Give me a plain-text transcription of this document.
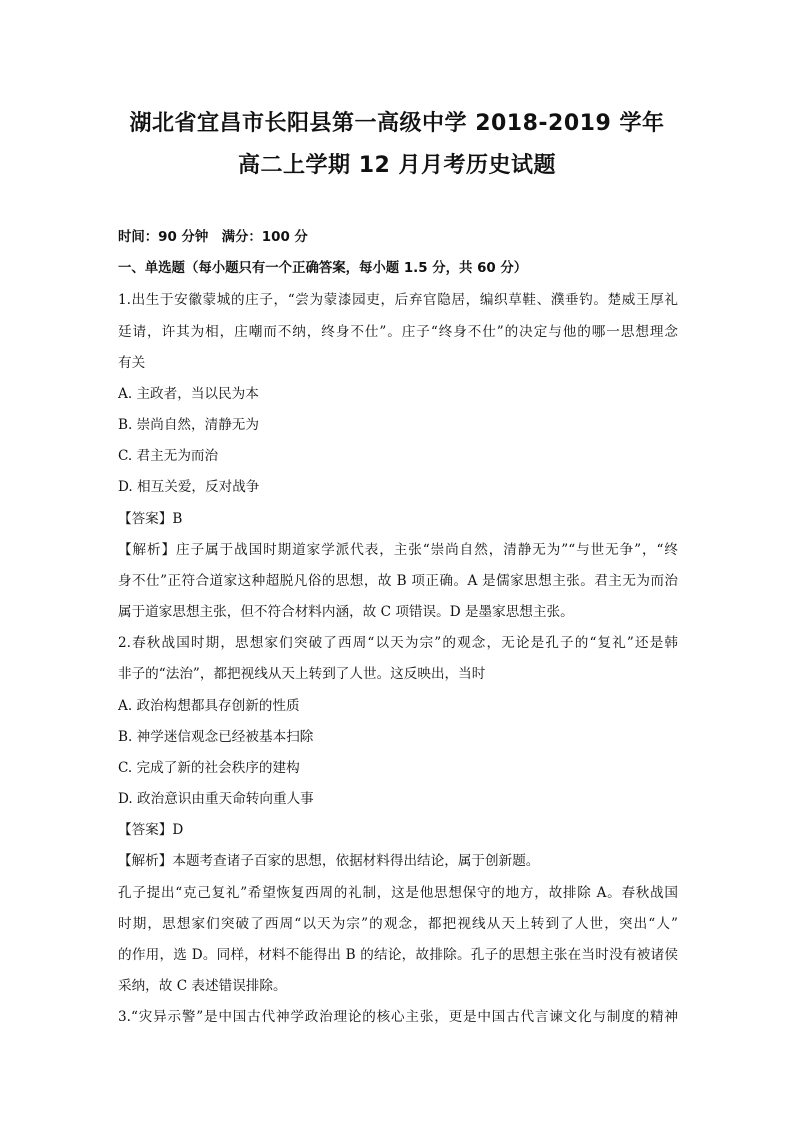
湖北省宜昌市长阳县第一高级中学 2018-2019 学年
高二上学期 12 月月考历史试题
时间：90 分钟　满分：100 分
一、单选题（每小题只有一个正确答案，每小题 1.5 分，共 60 分）
1.出生于安徽蒙城的庄子，“尝为蒙漆园吏，后弃官隐居，编织草鞋、濮垂钓。楚威王厚礼
廷请，许其为相，庄嘲而不纳，终身不仕”。庄子“终身不仕”的决定与他的哪一思想理念
有关
A. 主政者，当以民为本
B. 崇尚自然，清静无为
C. 君主无为而治
D. 相互关爱，反对战争
【答案】B
【解析】庄子属于战国时期道家学派代表，主张“崇尚自然，清静无为”“与世无争”，“终
身不仕”正符合道家这种超脱凡俗的思想，故 B 项正确。A 是儒家思想主张。君主无为而治
属于道家思想主张，但不符合材料内涵，故 C 项错误。D 是墨家思想主张。
2.春秋战国时期，思想家们突破了西周“以天为宗”的观念，无论是孔子的“复礼”还是韩
非子的“法治”，都把视线从天上转到了人世。这反映出，当时
A. 政治构想都具存创新的性质
B. 神学迷信观念已经被基本扫除
C. 完成了新的社会秩序的建构
D. 政治意识由重天命转向重人事
【答案】D
【解析】本题考查诸子百家的思想，依据材料得出结论，属于创新题。
孔子提出“克己复礼”希望恢复西周的礼制，这是他思想保守的地方，故排除 A。春秋战国
时期，思想家们突破了西周“以天为宗”的观念，都把视线从天上转到了人世，突出“人”
的作用，选 D。同样，材料不能得出 B 的结论，故排除。孔子的思想主张在当时没有被诸侯
采纳，故 C 表述错误排除。
3.“灾异示警”是中国古代神学政治理论的核心主张，更是中国古代言谏文化与制度的精神
